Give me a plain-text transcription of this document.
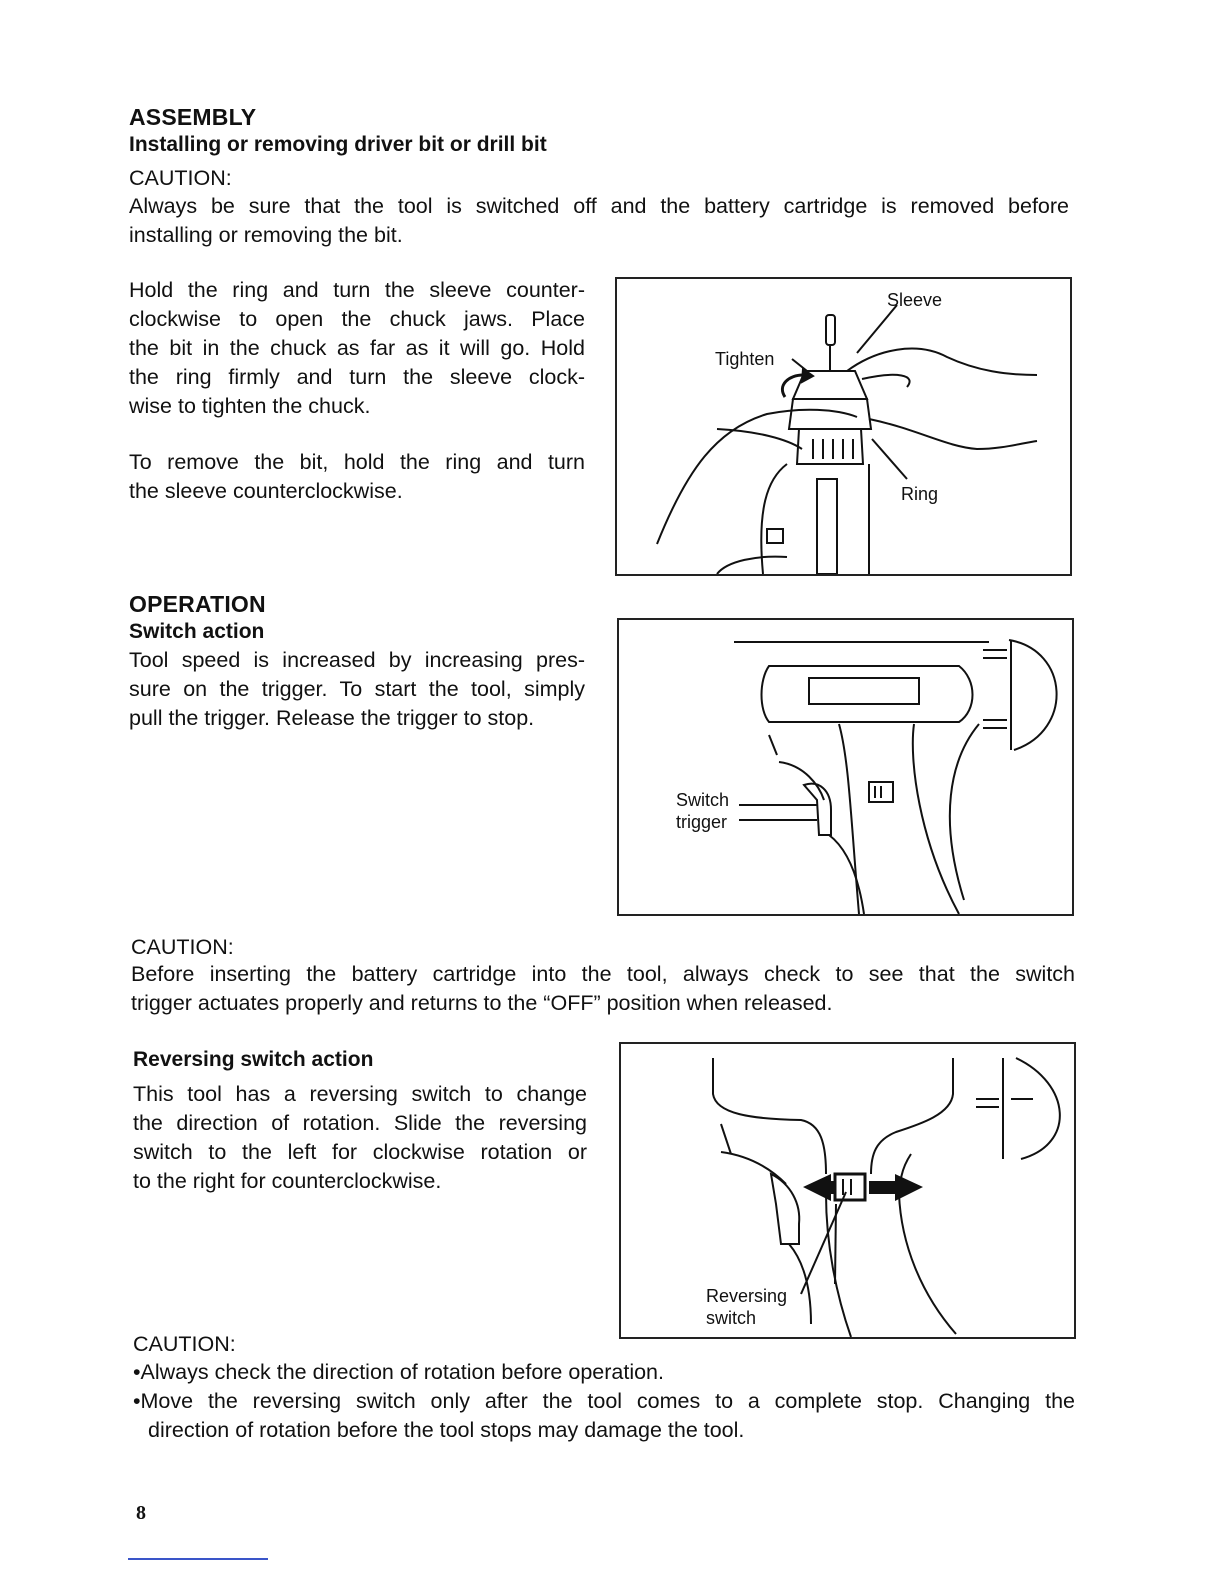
ASSEMBLY
Installing or removing driver bit or drill bit
CAUTION:
Always be sure that the tool is switched off and the battery cartridge is removed before
installing or removing the bit.
Hold the ring and turn the sleeve counter-
clockwise to open the chuck jaws. Place
the bit in the chuck as far as it will go. Hold
the ring firmly and turn the sleeve clock-
wise to tighten the chuck.
To remove the bit, hold the ring and turn
the sleeve counterclockwise.
Sleeve
Tighten
Ring
OPERATION
Switch action
Tool speed is increased by increasing pres-
sure on the trigger. To start the tool, simply
pull the trigger. Release the trigger to stop.
Switch
trigger
CAUTION:
Before inserting the battery cartridge into the tool, always check to see that the switch
trigger actuates properly and returns to the “OFF” position when released.
Reversing switch action
This tool has a reversing switch to change
the direction of rotation. Slide the reversing
switch to the left for clockwise rotation or
to the right for counterclockwise.
Reversing
switch
CAUTION:
•Always check the direction of rotation before operation.
•Move the reversing switch only after the tool comes to a complete stop. Changing the
direction of rotation before the tool stops may damage the tool.
8
